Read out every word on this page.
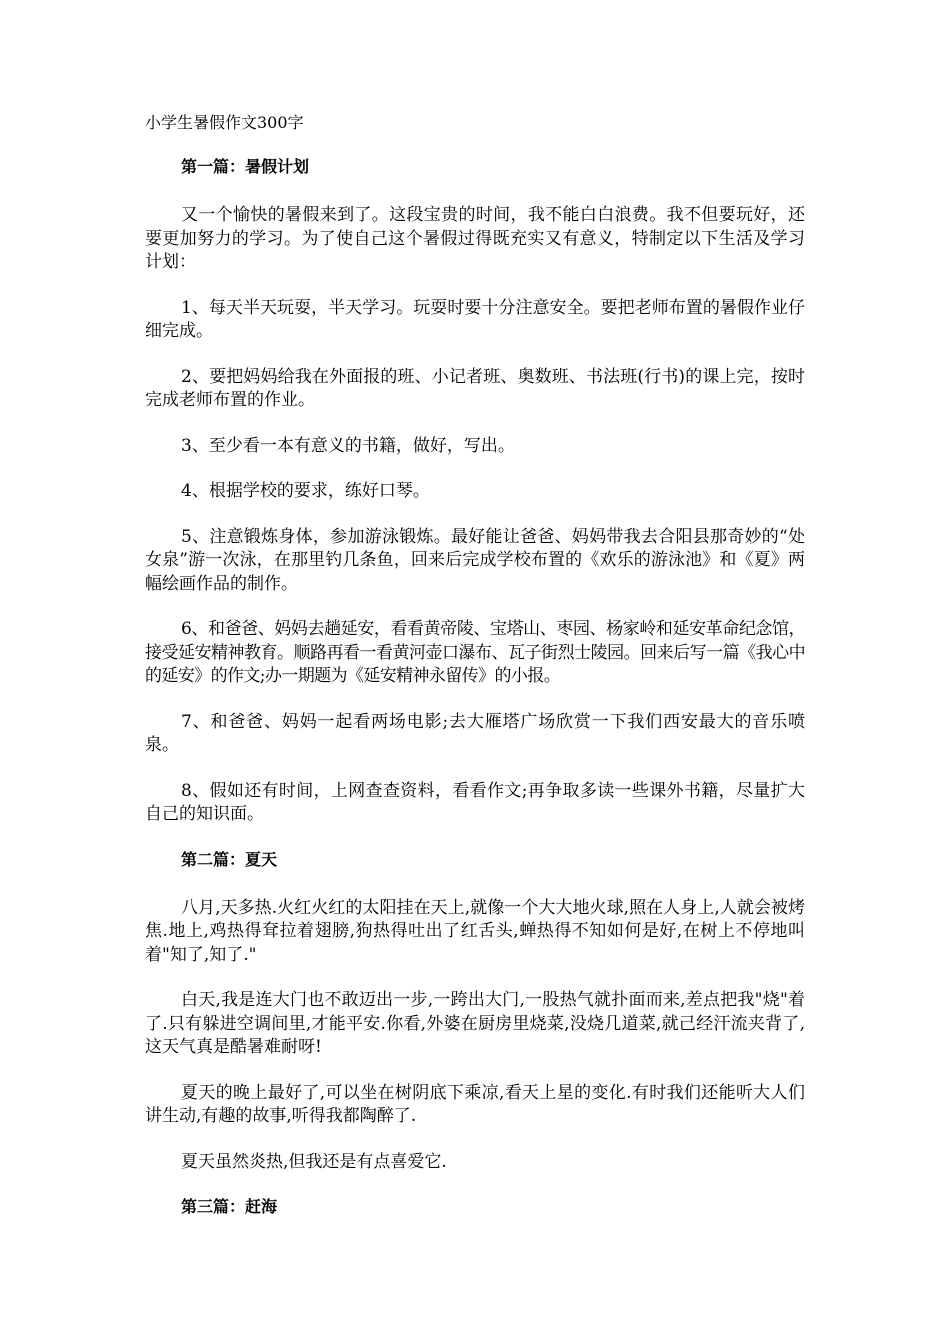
小学生暑假作文300字
第一篇：暑假计划

又一个愉快的暑假来到了。这段宝贵的时间，我不能白白浪费。我不但要玩好，还要更加努力的学习。为了使自己这个暑假过得既充实又有意义，特制定以下生活及学习计划：

1、每天半天玩耍，半天学习。玩耍时要十分注意安全。要把老师布置的暑假作业仔细完成。

2、要把妈妈给我在外面报的班、小记者班、奥数班、书法班(行书)的课上完，按时完成老师布置的作业。

3、至少看一本有意义的书籍，做好，写出。

4、根据学校的要求，练好口琴。

5、注意锻炼身体，参加游泳锻炼。最好能让爸爸、妈妈带我去合阳县那奇妙的“处女泉”游一次泳，在那里钓几条鱼，回来后完成学校布置的《欢乐的游泳池》和《夏》两幅绘画作品的制作。

6、和爸爸、妈妈去趟延安，看看黄帝陵、宝塔山、枣园、杨家岭和延安革命纪念馆，接受延安精神教育。顺路再看一看黄河壶口瀑布、瓦子街烈士陵园。回来后写一篇《我心中的延安》的作文;办一期题为《延安精神永留传》的小报。

7、和爸爸、妈妈一起看两场电影;去大雁塔广场欣赏一下我们西安最大的音乐喷泉。

8、假如还有时间，上网查查资料，看看作文;再争取多读一些课外书籍，尽量扩大自己的知识面。

第二篇：夏天

八月,天多热.火红火红的太阳挂在天上,就像一个大大地火球,照在人身上,人就会被烤焦.地上,鸡热得耷拉着翅膀,狗热得吐出了红舌头,蝉热得不知如何是好,在树上不停地叫着"知了,知了."

白天,我是连大门也不敢迈出一步,一跨出大门,一股热气就扑面而来,差点把我"烧"着了.只有躲进空调间里,才能平安.你看,外婆在厨房里烧菜,没烧几道菜,就己经汗流夹背了,这天气真是酷暑难耐呀!

夏天的晚上最好了,可以坐在树阴底下乘凉,看天上星的变化.有时我们还能听大人们讲生动,有趣的故事,听得我都陶醉了.

夏天虽然炎热,但我还是有点喜爱它.

第三篇：赶海
